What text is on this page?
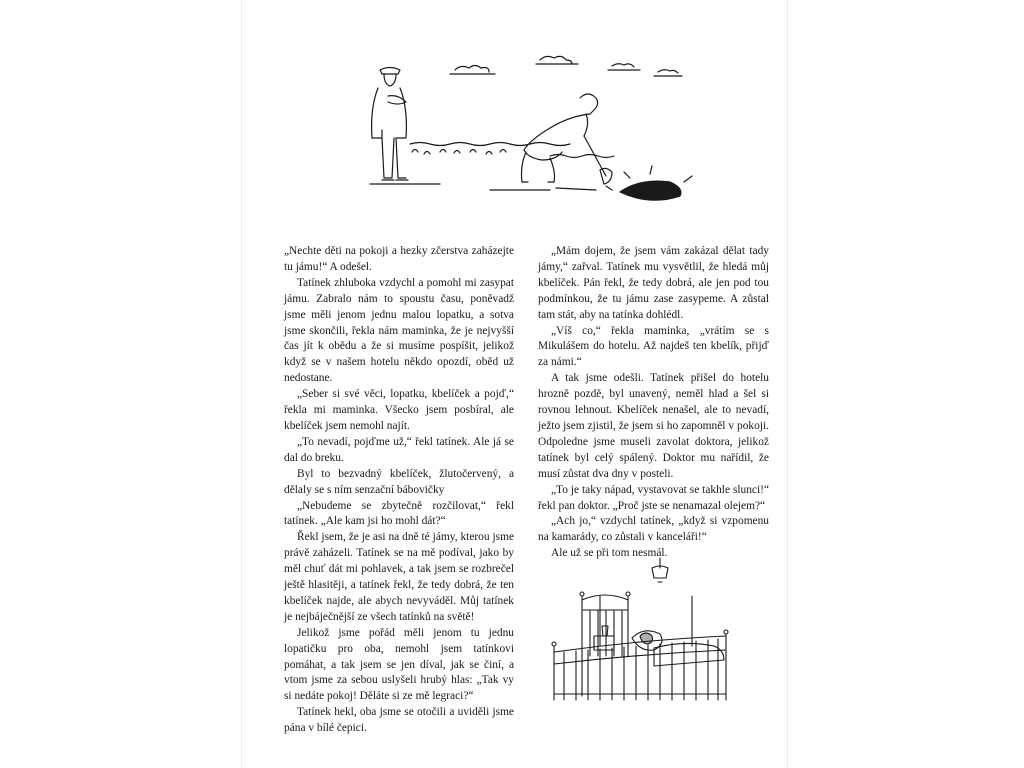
„Nechte děti na pokoji a hezky zčerstva zaházejte tu jámu!“ A odešel.

Tatínek zhluboka vzdychl a pomohl mi zasypat jámu. Zabralo nám to spoustu času, poněvadž jsme měli jenom jednu malou lopatku, a sotva jsme skončili, řekla nám maminka, že je nejvyšší čas jít k obědu a že si musíme pospíšit, jelikož když se v našem hotelu někdo opozdí, oběd už nedostane.

„Seber si své věci, lopatku, kbelíček a pojď,“ řekla mi maminka. Všecko jsem posbíral, ale kbelíček jsem nemohl najít.

„To nevadí, pojďme už,“ řekl tatínek. Ale já se dal do breku.

Byl to bezvadný kbelíček, žlutočervený, a dělaly se s ním senzační bábovičky

„Nebudeme se zbytečně rozčilovat,“ řekl tatínek. „Ale kam jsi ho mohl dát?“

Řekl jsem, že je asi na dně té jámy, kterou jsme právě zaházeli. Tatínek se na mě podíval, jako by měl chuť dát mi pohlavek, a tak jsem se rozbrečel ještě hlasitěji, a tatínek řekl, že tedy dobrá, že ten kbelíček najde, ale abych nevyváděl. Můj tatínek je nejbáječnější ze všech tatínků na světě!

Jelikož jsme pořád měli jenom tu jednu lopatičku pro oba, nemohl jsem tatínkovi pomáhat, a tak jsem se jen díval, jak se činí, a vtom jsme za sebou uslyšeli hrubý hlas: „Tak vy si nedáte pokoj! Děláte si ze mě legraci?“

Tatínek hekl, oba jsme se otočili a uviděli jsme pána v bílé čepici.

„Mám dojem, že jsem vám zakázal dělat tady jámy,“ zařval. Tatínek mu vysvětlil, že hledá můj kbelíček. Pán řekl, že tedy dobrá, ale jen pod tou podmínkou, že tu jámu zase zasypeme. A zůstal tam stát, aby na tatínka dohlédl.

„Víš co,“ řekla maminka, „vrátím se s Mikulášem do hotelu. Až najdeš ten kbelík, přijď za námi.“

A tak jsme odešli. Tatínek přišel do hotelu hrozně pozdě, byl unavený, neměl hlad a šel si rovnou lehnout. Kbelíček nenašel, ale to nevadí, ježto jsem zjistil, že jsem si ho zapomněl v pokoji. Odpoledne jsme museli zavolat doktora, jelikož tatínek byl celý spálený. Doktor mu nařídil, že musí zůstat dva dny v posteli.

„To je taky nápad, vystavovat se takhle slunci!“ řekl pan doktor. „Proč jste se nenamazal olejem?“

„Ach jo,“ vzdychl tatínek, „když si vzpomenu na kamarády, co zůstali v kanceláři!“

Ale už se při tom nesmál.
